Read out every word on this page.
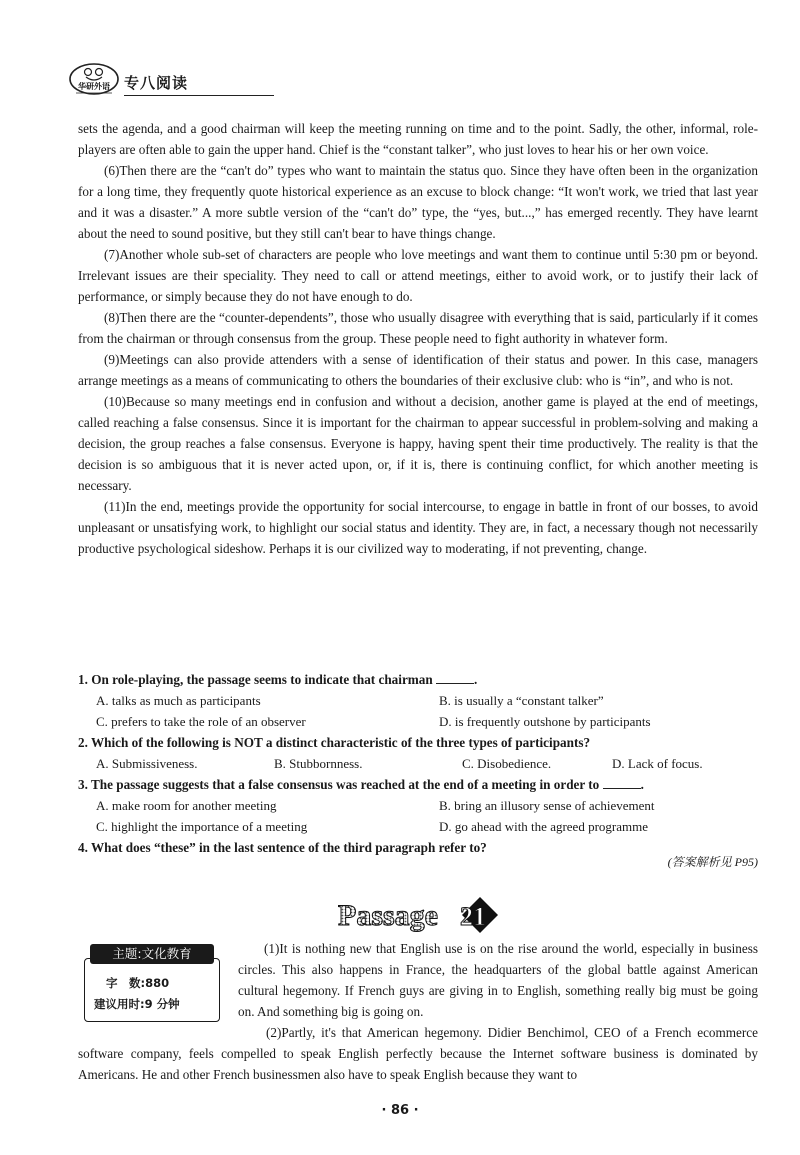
华研外语 专八阅读

sets the agenda, and a good chairman will keep the meeting running on time and to the point. Sadly, the other, informal, role-players are often able to gain the upper hand. Chief is the “constant talker”, who just loves to hear his or her own voice.

(6)Then there are the “can't do” types who want to maintain the status quo. Since they have often been in the organization for a long time, they frequently quote historical experience as an excuse to block change: “It won't work, we tried that last year and it was a disaster.” A more subtle version of the “can't do” type, the “yes, but...,” has emerged recently. They have learnt about the need to sound positive, but they still can't bear to have things change.

(7)Another whole sub-set of characters are people who love meetings and want them to continue until 5:30 pm or beyond. Irrelevant issues are their speciality. They need to call or attend meetings, either to avoid work, or to justify their lack of performance, or simply because they do not have enough to do.

(8)Then there are the “counter-dependents”, those who usually disagree with everything that is said, particularly if it comes from the chairman or through consensus from the group. These people need to fight authority in whatever form.

(9)Meetings can also provide attenders with a sense of identification of their status and power. In this case, managers arrange meetings as a means of communicating to others the boundaries of their exclusive club: who is “in”, and who is not.

(10)Because so many meetings end in confusion and without a decision, another game is played at the end of meetings, called reaching a false consensus. Since it is important for the chairman to appear successful in problem-solving and making a decision, the group reaches a false consensus. Everyone is happy, having spent their time productively. The reality is that the decision is so ambiguous that it is never acted upon, or, if it is, there is continuing conflict, for which another meeting is necessary.

(11)In the end, meetings provide the opportunity for social intercourse, to engage in battle in front of our bosses, to avoid unpleasant or unsatisfying work, to highlight our social status and identity. They are, in fact, a necessary though not necessarily productive psychological sideshow. Perhaps it is our civilized way to moderating, if not preventing, change.

1. On role-playing, the passage seems to indicate that chairman	.
A. talks as much as participants	B. is usually a “constant talker”
C. prefers to take the role of an observer	D. is frequently outshone by participants
2. Which of the following is NOT a distinct characteristic of the three types of participants?
A. Submissiveness.	B. Stubbornness.	C. Disobedience.	D. Lack of focus.
3. The passage suggests that a false consensus was reached at the end of a meeting in order to	.
A. make room for another meeting	B. bring an illusory sense of achievement
C. highlight the importance of a meeting	D. go ahead with the agreed programme
4. What does “these” in the last sentence of the third paragraph refer to?
(答案解析见 P95)
Passage 21
主题:文化教育
字　数:880
建议用时:9 分钟

(1)It is nothing new that English use is on the rise around the world, especially in business circles. This also happens in France, the headquarters of the global battle against American cultural hegemony. If French guys are giving in to English, something really big must be going on. And something big is going on.

(2)Partly, it's that American hegemony. Didier Benchimol, CEO of a French ecommerce software company, feels compelled to speak English perfectly because the Internet software business is dominated by Americans. He and other French businessmen also have to speak English because they want to

· 86 ·
